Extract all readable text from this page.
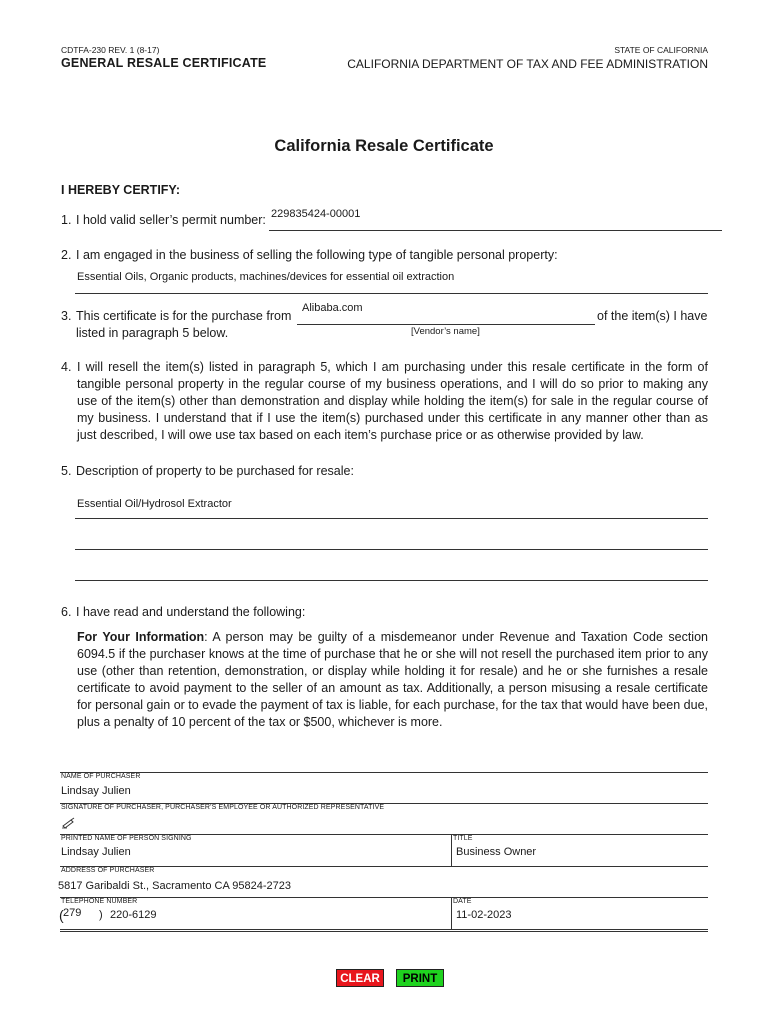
CDTFA-230 REV. 1 (8-17)
GENERAL RESALE CERTIFICATE
STATE OF CALIFORNIA
CALIFORNIA DEPARTMENT OF TAX AND FEE ADMINISTRATION
California Resale Certificate
I HEREBY CERTIFY:
1. I hold valid seller’s permit number: 229835424-00001
2. I am engaged in the business of selling the following type of tangible personal property:
Essential Oils, Organic products, machines/devices for essential oil extraction
3. This certificate is for the purchase from
Alibaba.com
of the item(s) I have
listed in paragraph 5 below.	[Vendor’s name]
4. I will resell the item(s) listed in paragraph 5, which I am purchasing under this resale certificate in the form of tangible personal property in the regular course of my business operations, and I will do so prior to making any use of the item(s) other than demonstration and display while holding the item(s) for sale in the regular course of my business. I understand that if I use the item(s) purchased under this certificate in any manner other than as just described, I will owe use tax based on each item’s purchase price or as otherwise provided by law.
5. Description of property to be purchased for resale:
Essential Oil/Hydrosol Extractor
6. I have read and understand the following:
For Your Information: A person may be guilty of a misdemeanor under Revenue and Taxation Code section 6094.5 if the purchaser knows at the time of purchase that he or she will not resell the purchased item prior to any use (other than retention, demonstration, or display while holding it for resale) and he or she furnishes a resale certificate to avoid payment to the seller of an amount as tax. Additionally, a person misusing a resale certificate for personal gain or to evade the payment of tax is liable, for each purchase, for the tax that would have been due, plus a penalty of 10 percent of the tax or $500, whichever is more.
NAME OF PURCHASER
Lindsay Julien
SIGNATURE OF PURCHASER, PURCHASER’S EMPLOYEE OR AUTHORIZED REPRESENTATIVE
PRINTED NAME OF PERSON SIGNING
Lindsay Julien
TITLE
Business Owner
ADDRESS OF PURCHASER
5817 Garibaldi St., Sacramento CA 95824-2723
TELEPHONE NUMBER
( 279 ) 220-6129
DATE
11-02-2023
CLEAR	PRINT
